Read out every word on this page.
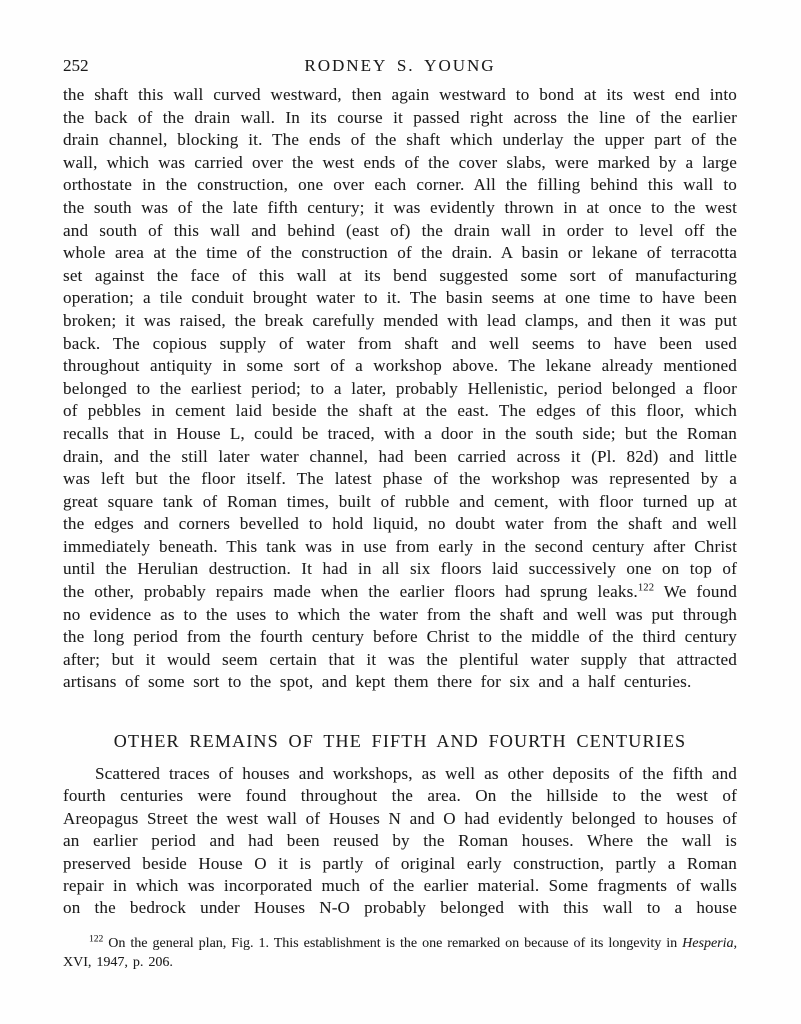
252	RODNEY S. YOUNG

the shaft this wall curved westward, then again westward to bond at its west end into the back of the drain wall. In its course it passed right across the line of the earlier drain channel, blocking it. The ends of the shaft which underlay the upper part of the wall, which was carried over the west ends of the cover slabs, were marked by a large orthostate in the construction, one over each corner. All the filling behind this wall to the south was of the late fifth century; it was evidently thrown in at once to the west and south of this wall and behind (east of) the drain wall in order to level off the whole area at the time of the construction of the drain. A basin or lekane of terracotta set against the face of this wall at its bend suggested some sort of manufacturing operation; a tile conduit brought water to it. The basin seems at one time to have been broken; it was raised, the break carefully mended with lead clamps, and then it was put back. The copious supply of water from shaft and well seems to have been used throughout antiquity in some sort of a workshop above. The lekane already mentioned belonged to the earliest period; to a later, probably Hellenistic, period belonged a floor of pebbles in cement laid beside the shaft at the east. The edges of this floor, which recalls that in House L, could be traced, with a door in the south side; but the Roman drain, and the still later water channel, had been carried across it (Pl. 82d) and little was left but the floor itself. The latest phase of the workshop was represented by a great square tank of Roman times, built of rubble and cement, with floor turned up at the edges and corners bevelled to hold liquid, no doubt water from the shaft and well immediately beneath. This tank was in use from early in the second century after Christ until the Herulian destruction. It had in all six floors laid successively one on top of the other, probably repairs made when the earlier floors had sprung leaks.$^{122}$ We found no evidence as to the uses to which the water from the shaft and well was put through the long period from the fourth century before Christ to the middle of the third century after; but it would seem certain that it was the plentiful water supply that attracted artisans of some sort to the spot, and kept them there for six and a half centuries.

OTHER REMAINS OF THE FIFTH AND FOURTH CENTURIES

Scattered traces of houses and workshops, as well as other deposits of the fifth and fourth centuries were found throughout the area. On the hillside to the west of Areopagus Street the west wall of Houses N and O had evidently belonged to houses of an earlier period and had been reused by the Roman houses. Where the wall is preserved beside House O it is partly of original early construction, partly a Roman repair in which was incorporated much of the earlier material. Some fragments of walls on the bedrock under Houses N-O probably belonged with this wall to a house

$^{122}$ On the general plan, Fig. 1. This establishment is the one remarked on because of its longevity in Hesperia, XVI, 1947, p. 206.
